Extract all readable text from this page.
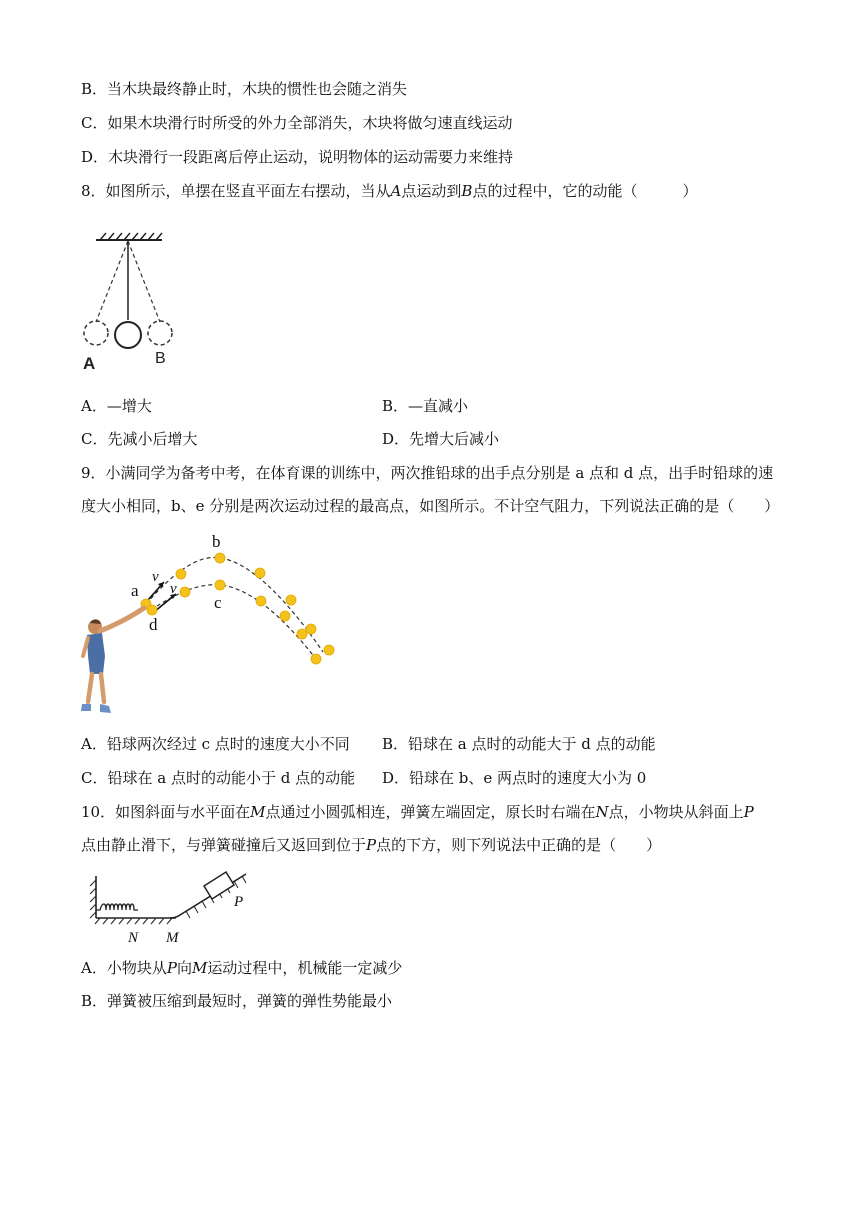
B．当木块最终静止时，木块的惯性也会随之消失
C．如果木块滑行时所受的外力全部消失，木块将做匀速直线运动
D．木块滑行一段距离后停止运动，说明物体的运动需要力来维持
8．如图所示，单摆在竖直平面左右摆动，当从A点运动到B点的过程中，它的动能（　　　）
A	B
A．—增大	B．—直减小
C．先减小后增大	D．先增大后减小
9．小满同学为备考中考，在体育课的训练中，两次推铅球的出手点分别是 a 点和 d 点，出手时铅球的速
度大小相同，b、e 分别是两次运动过程的最高点，如图所示。不计空气阻力，下列说法正确的是（　　）
a
b
c
d
v
v
A．铅球两次经过 c 点时的速度大小不同 B．铅球在 a 点时的动能大于 d 点的动能
C．铅球在 a 点时的动能小于 d 点的动能 D．铅球在 b、e 两点时的速度大小为 0
10．如图斜面与水平面在M点通过小圆弧相连，弹簧左端固定，原长时右端在N点，小物块从斜面上P
点由静止滑下，与弹簧碰撞后又返回到位于P点的下方，则下列说法中正确的是（　　）
N M
P
A．小物块从P向M运动过程中，机械能一定减少
B．弹簧被压缩到最短时，弹簧的弹性势能最小
